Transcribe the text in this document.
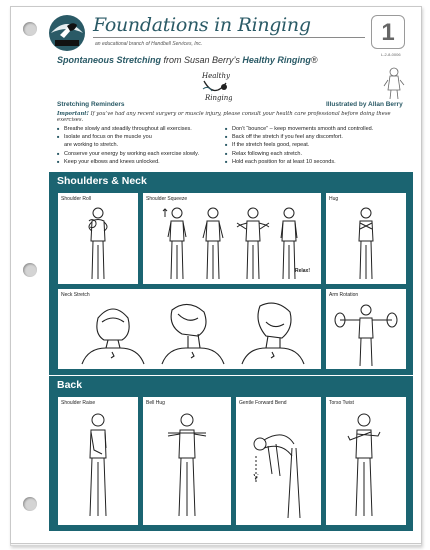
Foundations in Ringing
an educational branch of Handbell Services, Inc.	1
L-2-8-0006
Spontaneous Stretching from Susan Berry’s Healthy Ringing®
Healthy
Ringing
Stretching Reminders	Illustrated by Allan Berry
Important! If you’ve had any recent surgery or muscle injury, please consult your health care professional before doing these exercises.
■ Breathe slowly and steadily throughout all exercises.
■ Isolate and focus on the muscle you
are working to stretch.
■ Conserve your energy by working each exercise slowly.
■ Keep your elbows and knees unlocked.
■ Don’t “bounce” – keep movements smooth and controlled.
■ Back off the stretch if you feel any discomfort.
■ If the stretch feels good, repeat.
■ Relax following each stretch.
■ Hold each position for at least 10 seconds.
Shoulders & Neck
Shoulder Roll	Shoulder Squeeze	Hug
Relax!
Neck Stretch	Arm Rotation
Back
Shoulder Raise	Bell Hug	Gentle Forward Bend	Torso Twist
